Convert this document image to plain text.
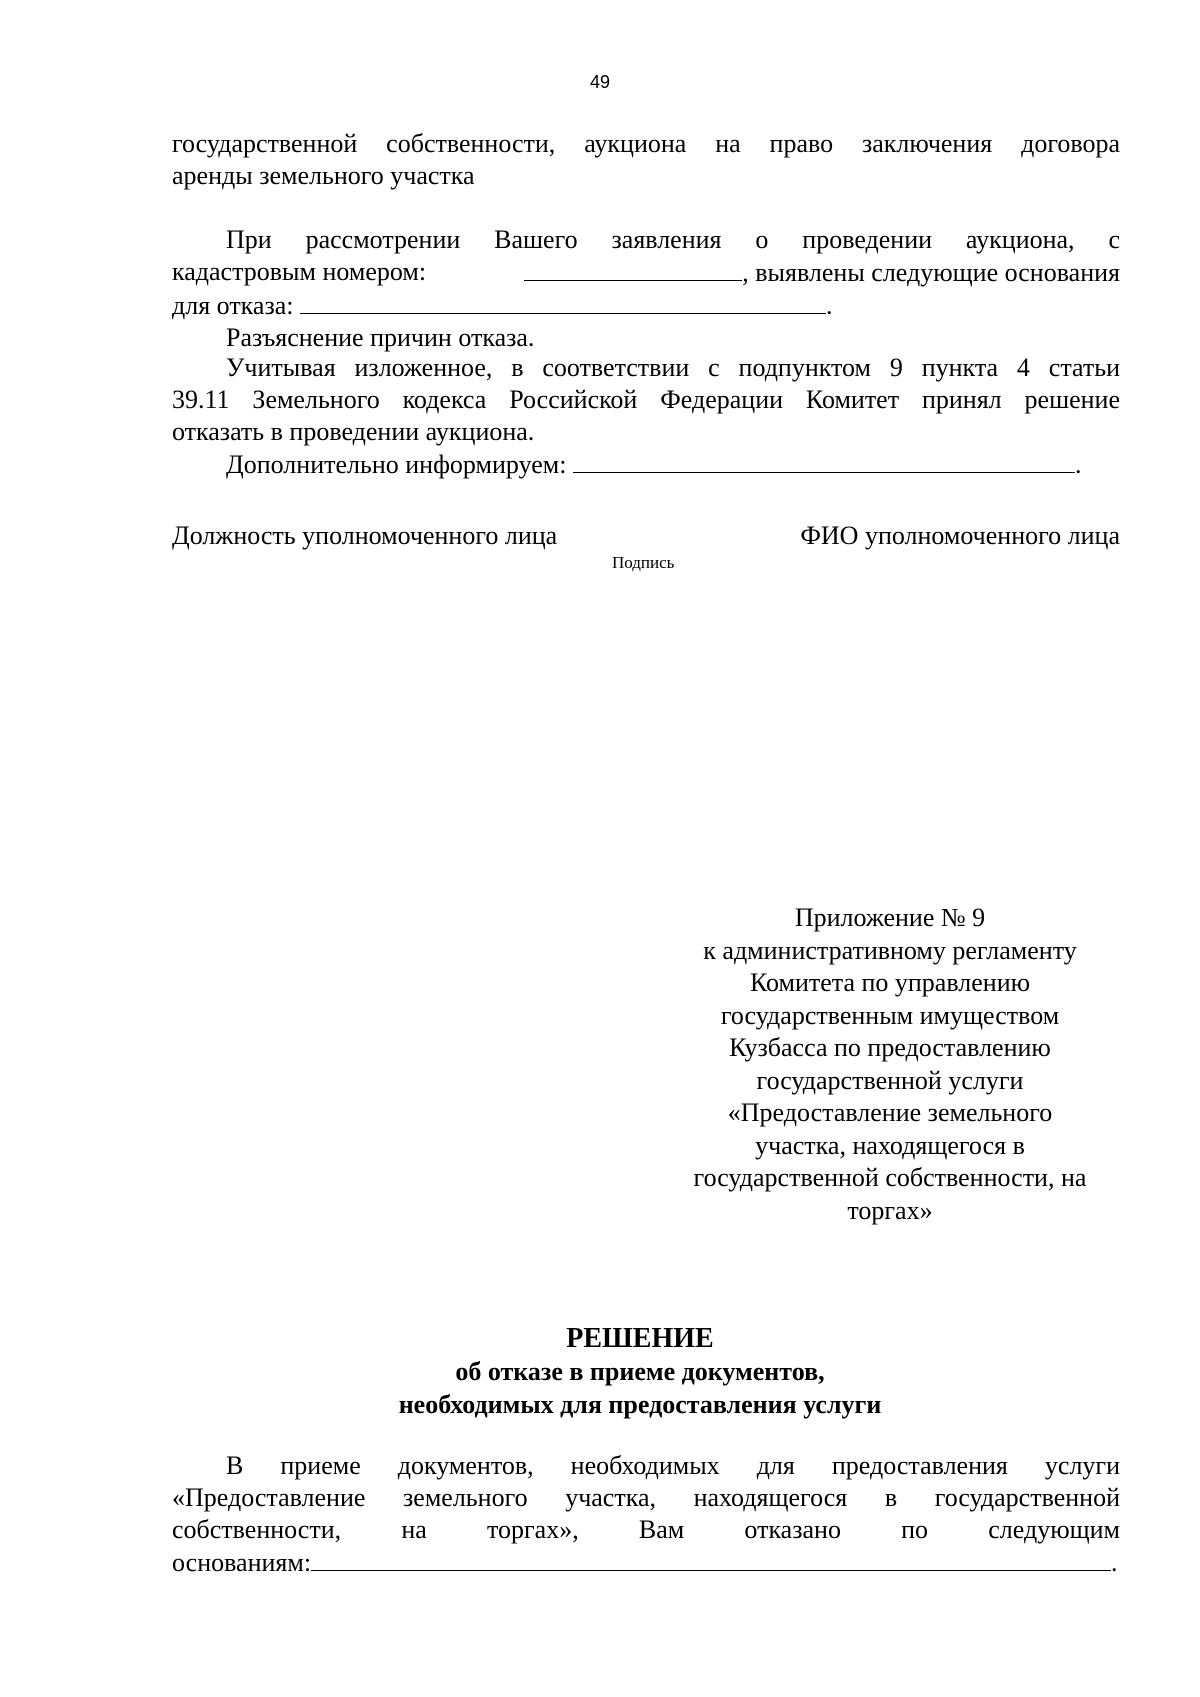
49

государственной собственности, аукциона на право заключения договора

аренды земельного участка

При рассмотрении Вашего заявления о проведении аукциона, с

кадастровым номером:	, выявлены следующие основания

для отказа:	.

Разъяснение причин отказа.

Учитывая изложенное, в соответствии с подпунктом 9 пункта 4 статьи

39.11 Земельного кодекса Российской Федерации Комитет принял решение

отказать в проведении аукциона.

Дополнительно информируем:	.

Должность уполномоченного лица	ФИО уполномоченного лица
Подпись
Приложение № 9
к административному регламенту
Комитета по управлению
государственным имуществом
Кузбасса по предоставлению
государственной услуги
«Предоставление земельного
участка, находящегося в
государственной собственности, на
торгах»
РЕШЕНИЕ
об отказе в приеме документов,
необходимых для предоставления услуги

В приеме документов, необходимых для предоставления услуги

«Предоставление земельного участка, находящегося в государственной

собственности, на торгах», Вам отказано по следующим

основаниям:	.
